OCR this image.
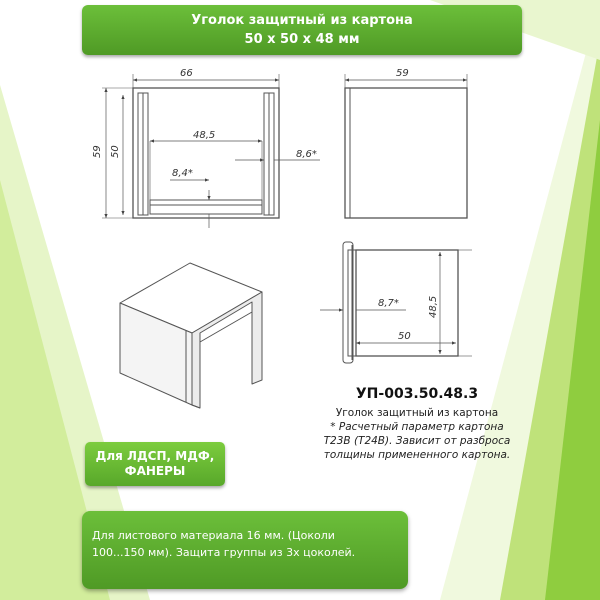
Уголок защитный из картона
50 х 50 х 48 мм
66
59 50
48,5
8,4*
8,6*
59
8,7*	48,5
50
УП-003.50.48.3
Уголок защитный из картона
* Расчетный параметр картона
Т23В (Т24В). Зависит от разброса
толщины примененного картона.
Для ЛДСП, МДФ,
ФАНЕРЫ
Для листового материала 16 мм. (Цоколи
100...150 мм). Защита группы из 3х цоколей.
